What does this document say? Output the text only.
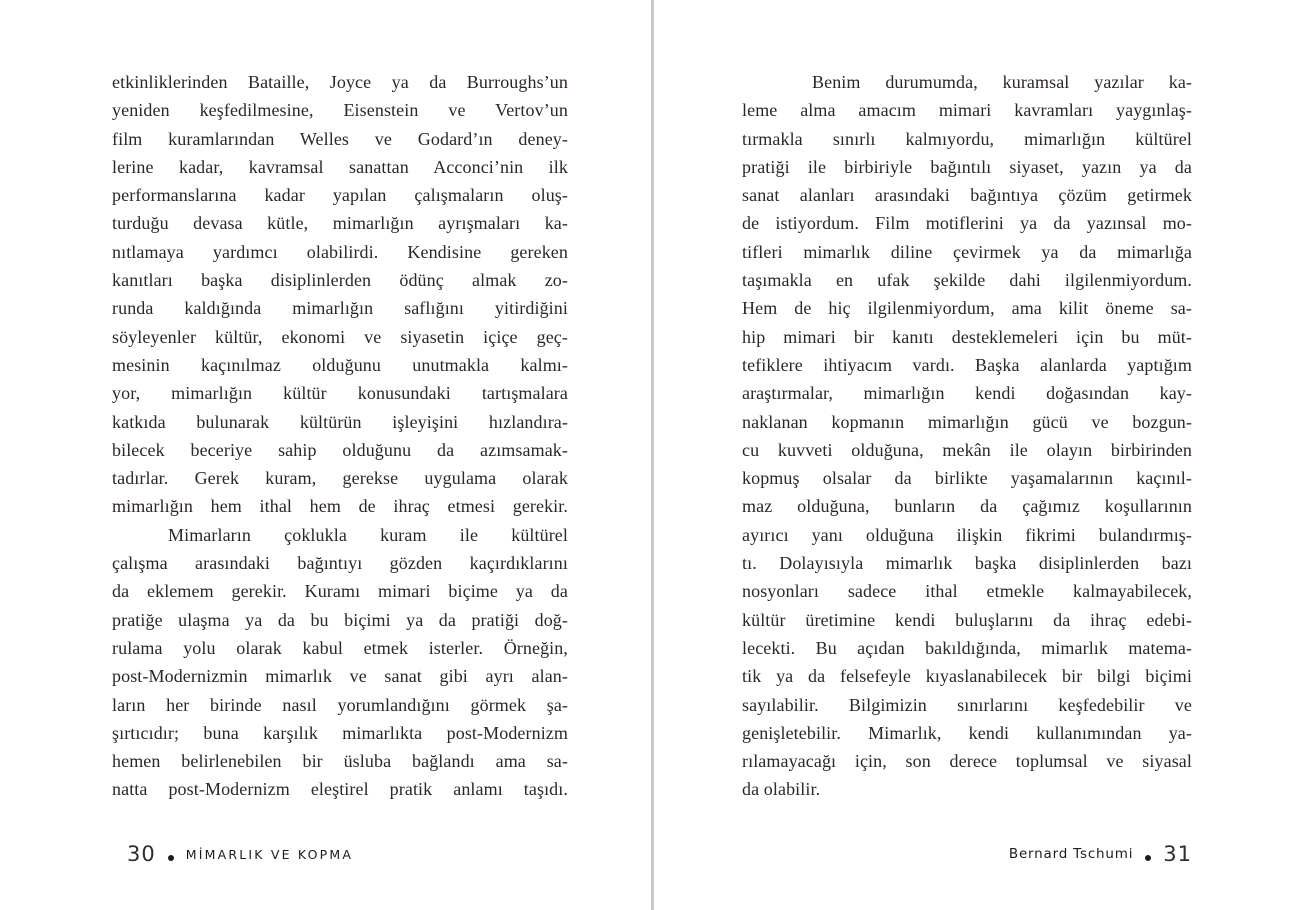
etkinliklerinden Bataille, Joyce ya da Burroughs’un
yeniden keşfedilmesine, Eisenstein ve Vertov’un
film kuramlarından Welles ve Godard’ın deney-
lerine kadar, kavramsal sanattan Acconci’nin ilk
performanslarına kadar yapılan çalışmaların oluş-
turduğu devasa kütle, mimarlığın ayrışmaları ka-
nıtlamaya yardımcı olabilirdi. Kendisine gereken
kanıtları başka disiplinlerden ödünç almak zo-
runda kaldığında mimarlığın saflığını yitirdiğini
söyleyenler kültür, ekonomi ve siyasetin içiçe geç-
mesinin kaçınılmaz olduğunu unutmakla kalmı-
yor, mimarlığın kültür konusundaki tartışmalara
katkıda bulunarak kültürün işleyişini hızlandıra-
bilecek beceriye sahip olduğunu da azımsamak-
tadırlar. Gerek kuram, gerekse uygulama olarak
mimarlığın hem ithal hem de ihraç etmesi gerekir.
Mimarların çoklukla kuram ile kültürel
çalışma arasındaki bağıntıyı gözden kaçırdıklarını
da eklemem gerekir. Kuramı mimari biçime ya da
pratiğe ulaşma ya da bu biçimi ya da pratiği doğ-
rulama yolu olarak kabul etmek isterler. Örneğin,
post-Modernizmin mimarlık ve sanat gibi ayrı alan-
ların her birinde nasıl yorumlandığını görmek şa-
şırtıcıdır; buna karşılık mimarlıkta post-Modernizm
hemen belirlenebilen bir üsluba bağlandı ama sa-
natta post-Modernizm eleştirel pratik anlamı taşıdı.
30 MİMARLIK VE KOPMA
Benim durumumda, kuramsal yazılar ka-
leme alma amacım mimari kavramları yaygınlaş-
tırmakla sınırlı kalmıyordu, mimarlığın kültürel
pratiği ile birbiriyle bağıntılı siyaset, yazın ya da
sanat alanları arasındaki bağıntıya çözüm getirmek
de istiyordum. Film motiflerini ya da yazınsal mo-
tifleri mimarlık diline çevirmek ya da mimarlığa
taşımakla en ufak şekilde dahi ilgilenmiyordum.
Hem de hiç ilgilenmiyordum, ama kilit öneme sa-
hip mimari bir kanıtı desteklemeleri için bu müt-
tefiklere ihtiyacım vardı. Başka alanlarda yaptığım
araştırmalar, mimarlığın kendi doğasından kay-
naklanan kopmanın mimarlığın gücü ve bozgun-
cu kuvveti olduğuna, mekân ile olayın birbirinden
kopmuş olsalar da birlikte yaşamalarının kaçınıl-
maz olduğuna, bunların da çağımız koşullarının
ayırıcı yanı olduğuna ilişkin fikrimi bulandırmış-
tı. Dolayısıyla mimarlık başka disiplinlerden bazı
nosyonları sadece ithal etmekle kalmayabilecek,
kültür üretimine kendi buluşlarını da ihraç edebi-
lecekti. Bu açıdan bakıldığında, mimarlık matema-
tik ya da felsefeyle kıyaslanabilecek bir bilgi biçimi
sayılabilir. Bilgimizin sınırlarını keşfedebilir ve
genişletebilir. Mimarlık, kendi kullanımından ya-
rılamayacağı için, son derece toplumsal ve siyasal
da olabilir.
Bernard Tschumi 31
